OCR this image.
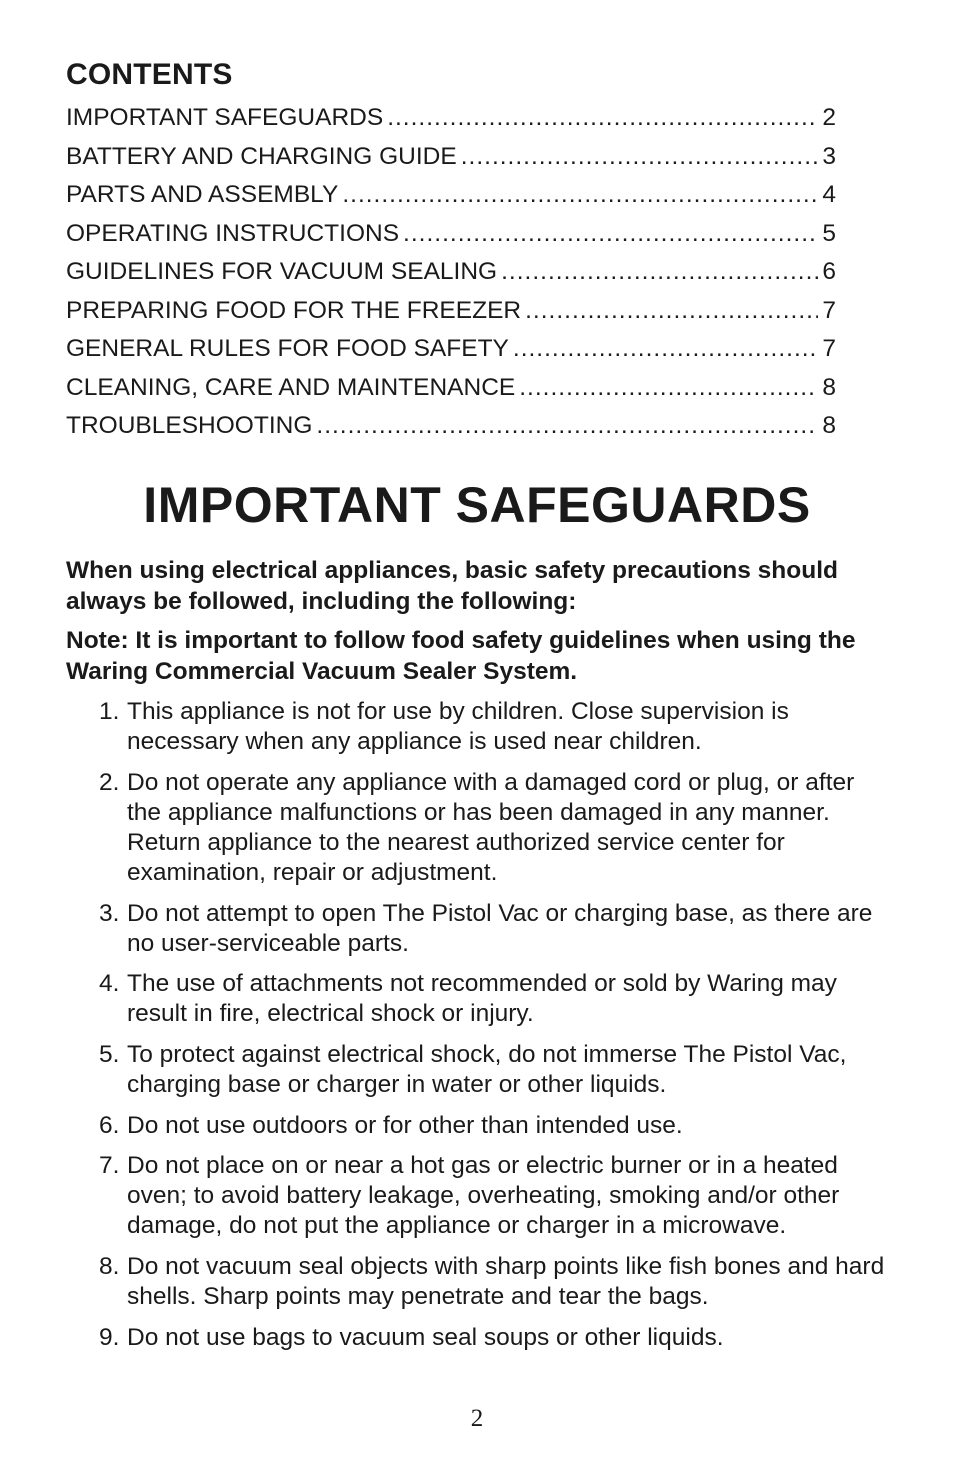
CONTENTS
IMPORTANT SAFEGUARDS .....	2
BATTERY AND CHARGING GUIDE .....	3
PARTS AND ASSEMBLY .....	4
OPERATING INSTRUCTIONS .....	5
GUIDELINES FOR VACUUM SEALING .....	6
PREPARING FOOD FOR THE FREEZER .....	7
GENERAL RULES FOR FOOD SAFETY .....	7
CLEANING, CARE AND MAINTENANCE .....	8
TROUBLESHOOTING .....	8
IMPORTANT SAFEGUARDS

When using electrical appliances, basic safety precautions should always be followed, including the following:

Note: It is important to follow food safety guidelines when using the Waring Commercial Vacuum Sealer System.

1. This appliance is not for use by children. Close supervision is necessary when any appliance is used near children.
2. Do not operate any appliance with a damaged cord or plug, or after the appliance malfunctions or has been damaged in any manner. Return appliance to the nearest authorized service center for examination, repair or adjustment.
3. Do not attempt to open The Pistol Vac or charging base, as there are no user-serviceable parts.
4. The use of attachments not recommended or sold by Waring may result in fire, electrical shock or injury.
5. To protect against electrical shock, do not immerse The Pistol Vac, charging base or charger in water or other liquids.
6. Do not use outdoors or for other than intended use.
7. Do not place on or near a hot gas or electric burner or in a heated oven; to avoid battery leakage, overheating, smoking and/or other damage, do not put the appliance or charger in a microwave.
8. Do not vacuum seal objects with sharp points like fish bones and hard shells. Sharp points may penetrate and tear the bags.
9. Do not use bags to vacuum seal soups or other liquids.

2
